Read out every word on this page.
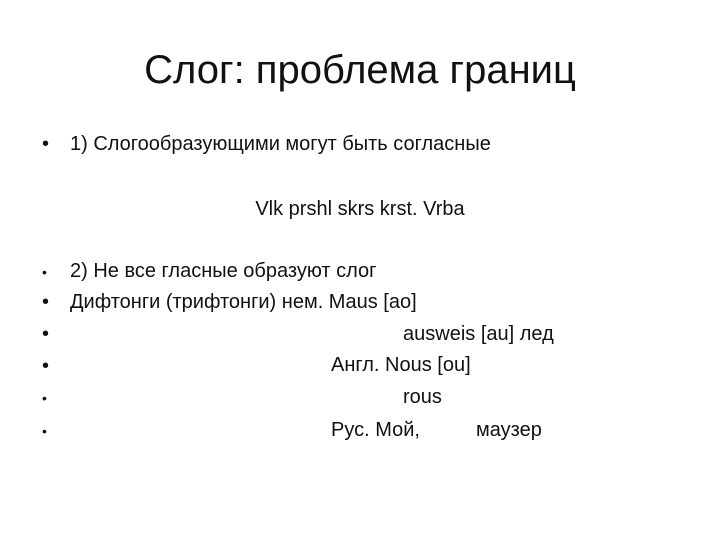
Слог: проблема границ
• 1) Слогообразующими могут быть согласные
Vlk prshl skrs krst. Vrba
• 2) Не все гласные образуют слог
• Дифтонги (трифтонги) нем. Maus [ao]
•	ausweis [au] лед
•	Англ. Nous [ou]
•	rous
•	Рус. Мой,	маузер
